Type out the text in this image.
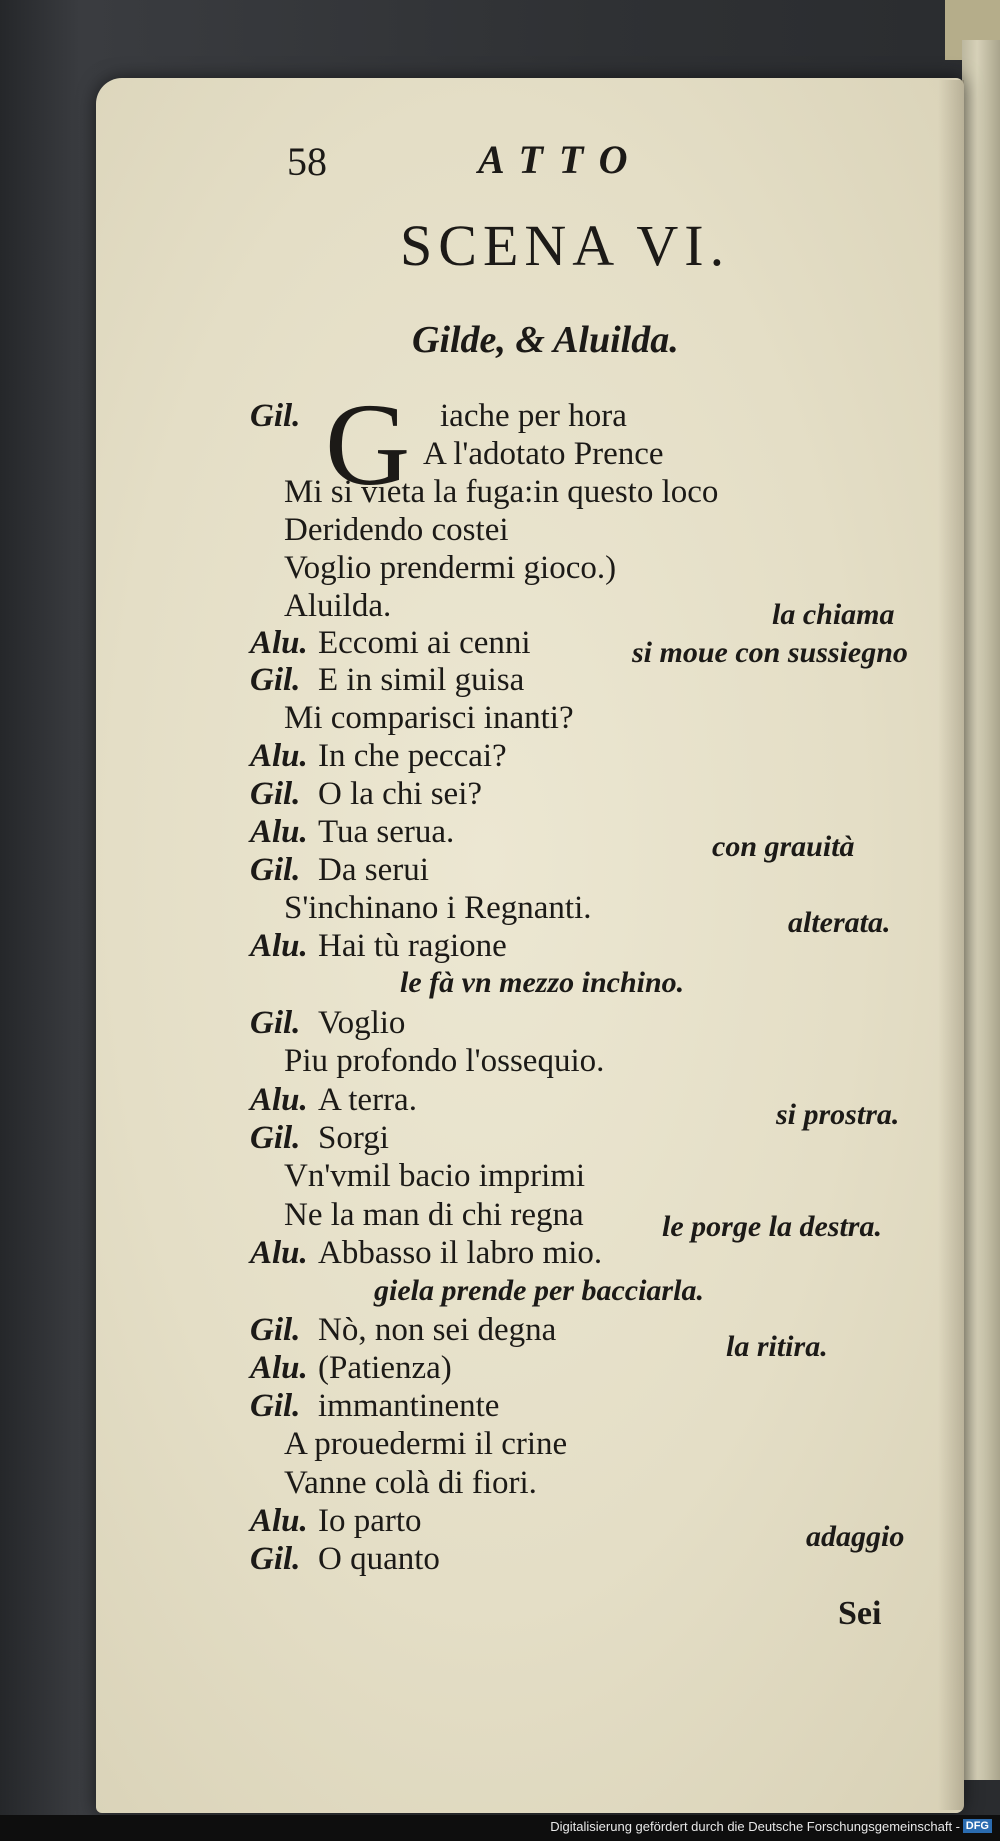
58	ATTO
SCENA VI.
Gilde, & Aluilda.
G
Gil.
Alu.
Gil.
Alu.
Gil.
Alu.
Gil.
Alu.
Gil.
Alu.
Gil.
Alu.
Gil.
Alu.
Gil.
Alu.
Gil.
iache per hora
A l'adotato Prence
Mi si vieta la fuga:in questo loco
Deridendo costei
Voglio prendermi gioco.)
Aluilda.
Eccomi ai cenni
E in simil guisa
Mi comparisci inanti?
In che peccai?
O la chi sei?
Tua serua.
Da serui
S'inchinano i Regnanti.
Hai tù ragione
Voglio
Piu profondo l'ossequio.
A terra.
Sorgi
Vn'vmil bacio imprimi
Ne la man di chi regna
Abbasso il labro mio.
Nò, non sei degna
(Patienza)
immantinente
A prouedermi il crine
Vanne colà di fiori.
Io parto
O quanto
la chiama
si moue con sussiegno
con grauità
alterata.
le fà vn mezzo inchino.
si prostra.
le porge la destra.
giela prende per bacciarla.
la ritira.
adaggio
Sei
Digitalisierung gefördert durch die Deutsche Forschungsgemeinschaft - DFG
